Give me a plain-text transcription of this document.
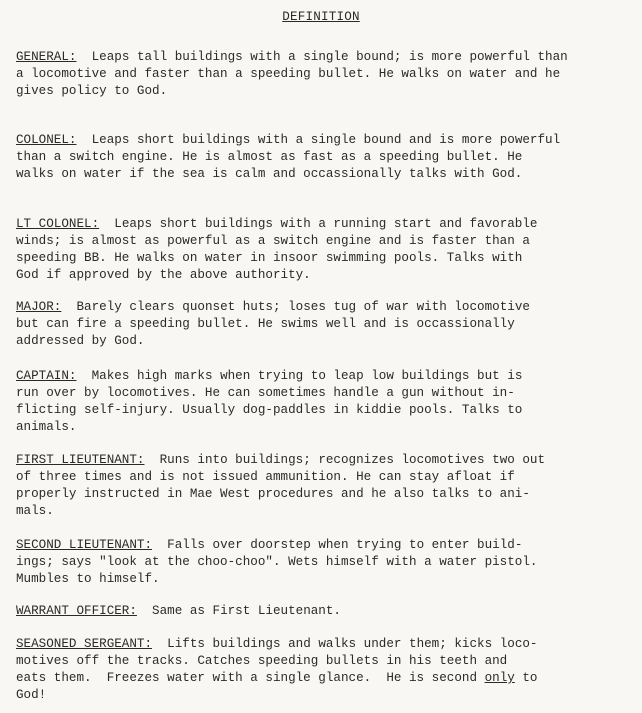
DEFINITION
GENERAL: Leaps tall buildings with a single bound; is more powerful than
a locomotive and faster than a speeding bullet. He walks on water and he
gives policy to God.
COLONEL: Leaps short buildings with a single bound and is more powerful
than a switch engine. He is almost as fast as a speeding bullet. He
walks on water if the sea is calm and occassionally talks with God.
LT COLONEL: Leaps short buildings with a running start and favorable
winds; is almost as powerful as a switch engine and is faster than a
speeding BB. He walks on water in insoor swimming pools. Talks with
God if approved by the above authority.
MAJOR: Barely clears quonset huts; loses tug of war with locomotive
but can fire a speeding bullet. He swims well and is occassionally
addressed by God.
CAPTAIN: Makes high marks when trying to leap low buildings but is
run over by locomotives. He can sometimes handle a gun without in-
flicting self-injury. Usually dog-paddles in kiddie pools. Talks to
animals.
FIRST LIEUTENANT: Runs into buildings; recognizes locomotives two out
of three times and is not issued ammunition. He can stay afloat if
properly instructed in Mae West procedures and he also talks to ani-
mals.
SECOND LIEUTENANT: Falls over doorstep when trying to enter build-
ings; says "look at the choo-choo". Wets himself with a water pistol.
Mumbles to himself.
WARRANT OFFICER: Same as First Lieutenant.
SEASONED SERGEANT: Lifts buildings and walks under them; kicks loco-
motives off the tracks. Catches speeding bullets in his teeth and
eats them.  Freezes water with a single glance.  He is second only to
God!
